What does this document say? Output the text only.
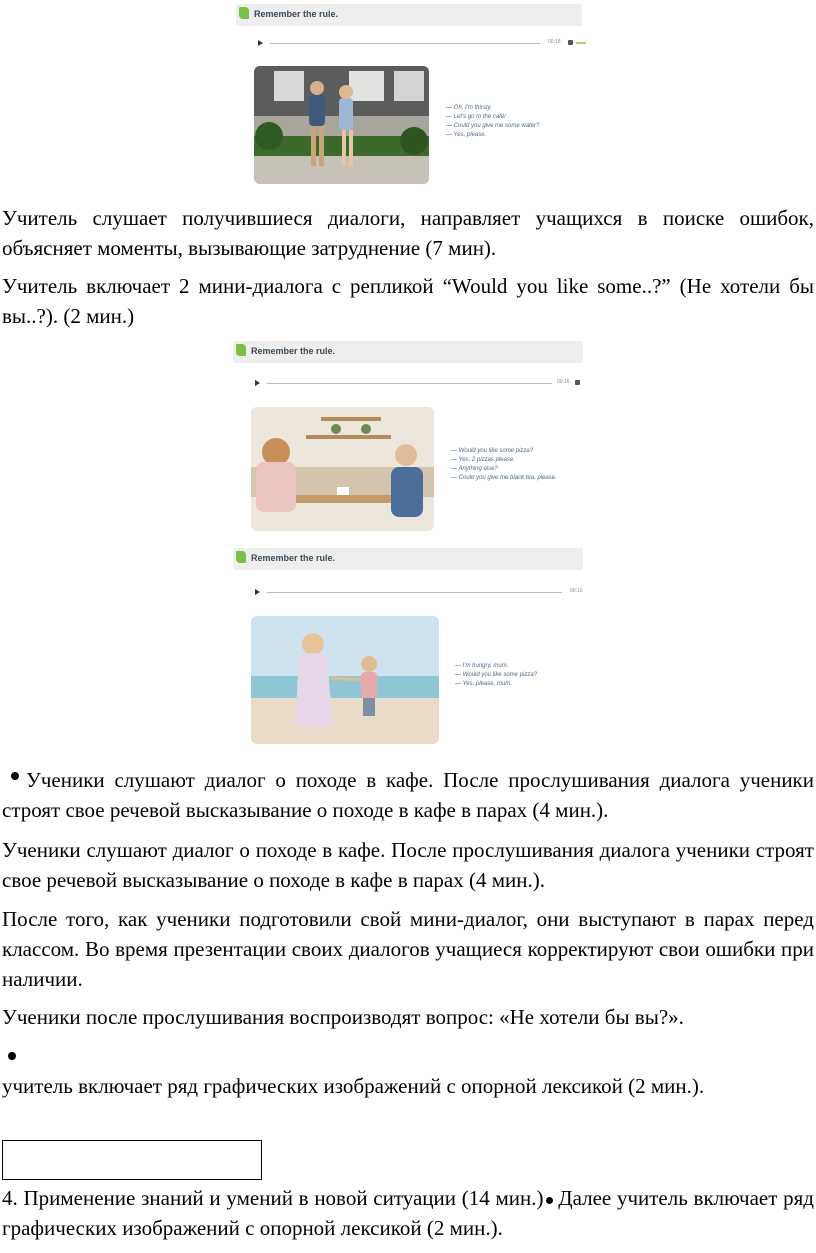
Remember the rule.
00:15
— Oh, I'm thirsty.
— Let's go to the café!
— Could you give me some water?
— Yes, please.

Учитель слушает получившиеся диалоги, направляет учащихся в поиске ошибок, объясняет моменты, вызывающие затруднение (7 мин).

Учитель включает 2 мини-диалога с репликой “Would you like some..?” (Не хотели бы вы..?). (2 мин.)

Remember the rule.
00:16
— Would you like some pizza?
— Yes, 2 pizzas please.
— Anything else?
— Could you give me black tea, please.
Remember the rule.
00:10
— I'm hungry, mum.
— Would you like some pizza?
— Yes, please, mum.

Ученики слушают диалог о походе в кафе. После прослушивания диалога ученики строят свое речевой высказывание о походе в кафе в парах (4 мин.).

Ученики слушают диалог о походе в кафе. После прослушивания диалога ученики строят свое речевой высказывание о походе в кафе в парах (4 мин.).

После того, как ученики подготовили свой мини-диалог, они выступают в парах перед классом. Во время презентации своих диалогов учащиеся корректируют свои ошибки при наличии.

Ученики после прослушивания воспроизводят вопрос: «Не хотели бы вы?».

учитель включает ряд графических изображений с опорной лексикой (2 мин.).

4. Применение знаний и умений в новой ситуации (14 мин.) Далее учитель включает ряд графических изображений с опорной лексикой (2 мин.).
